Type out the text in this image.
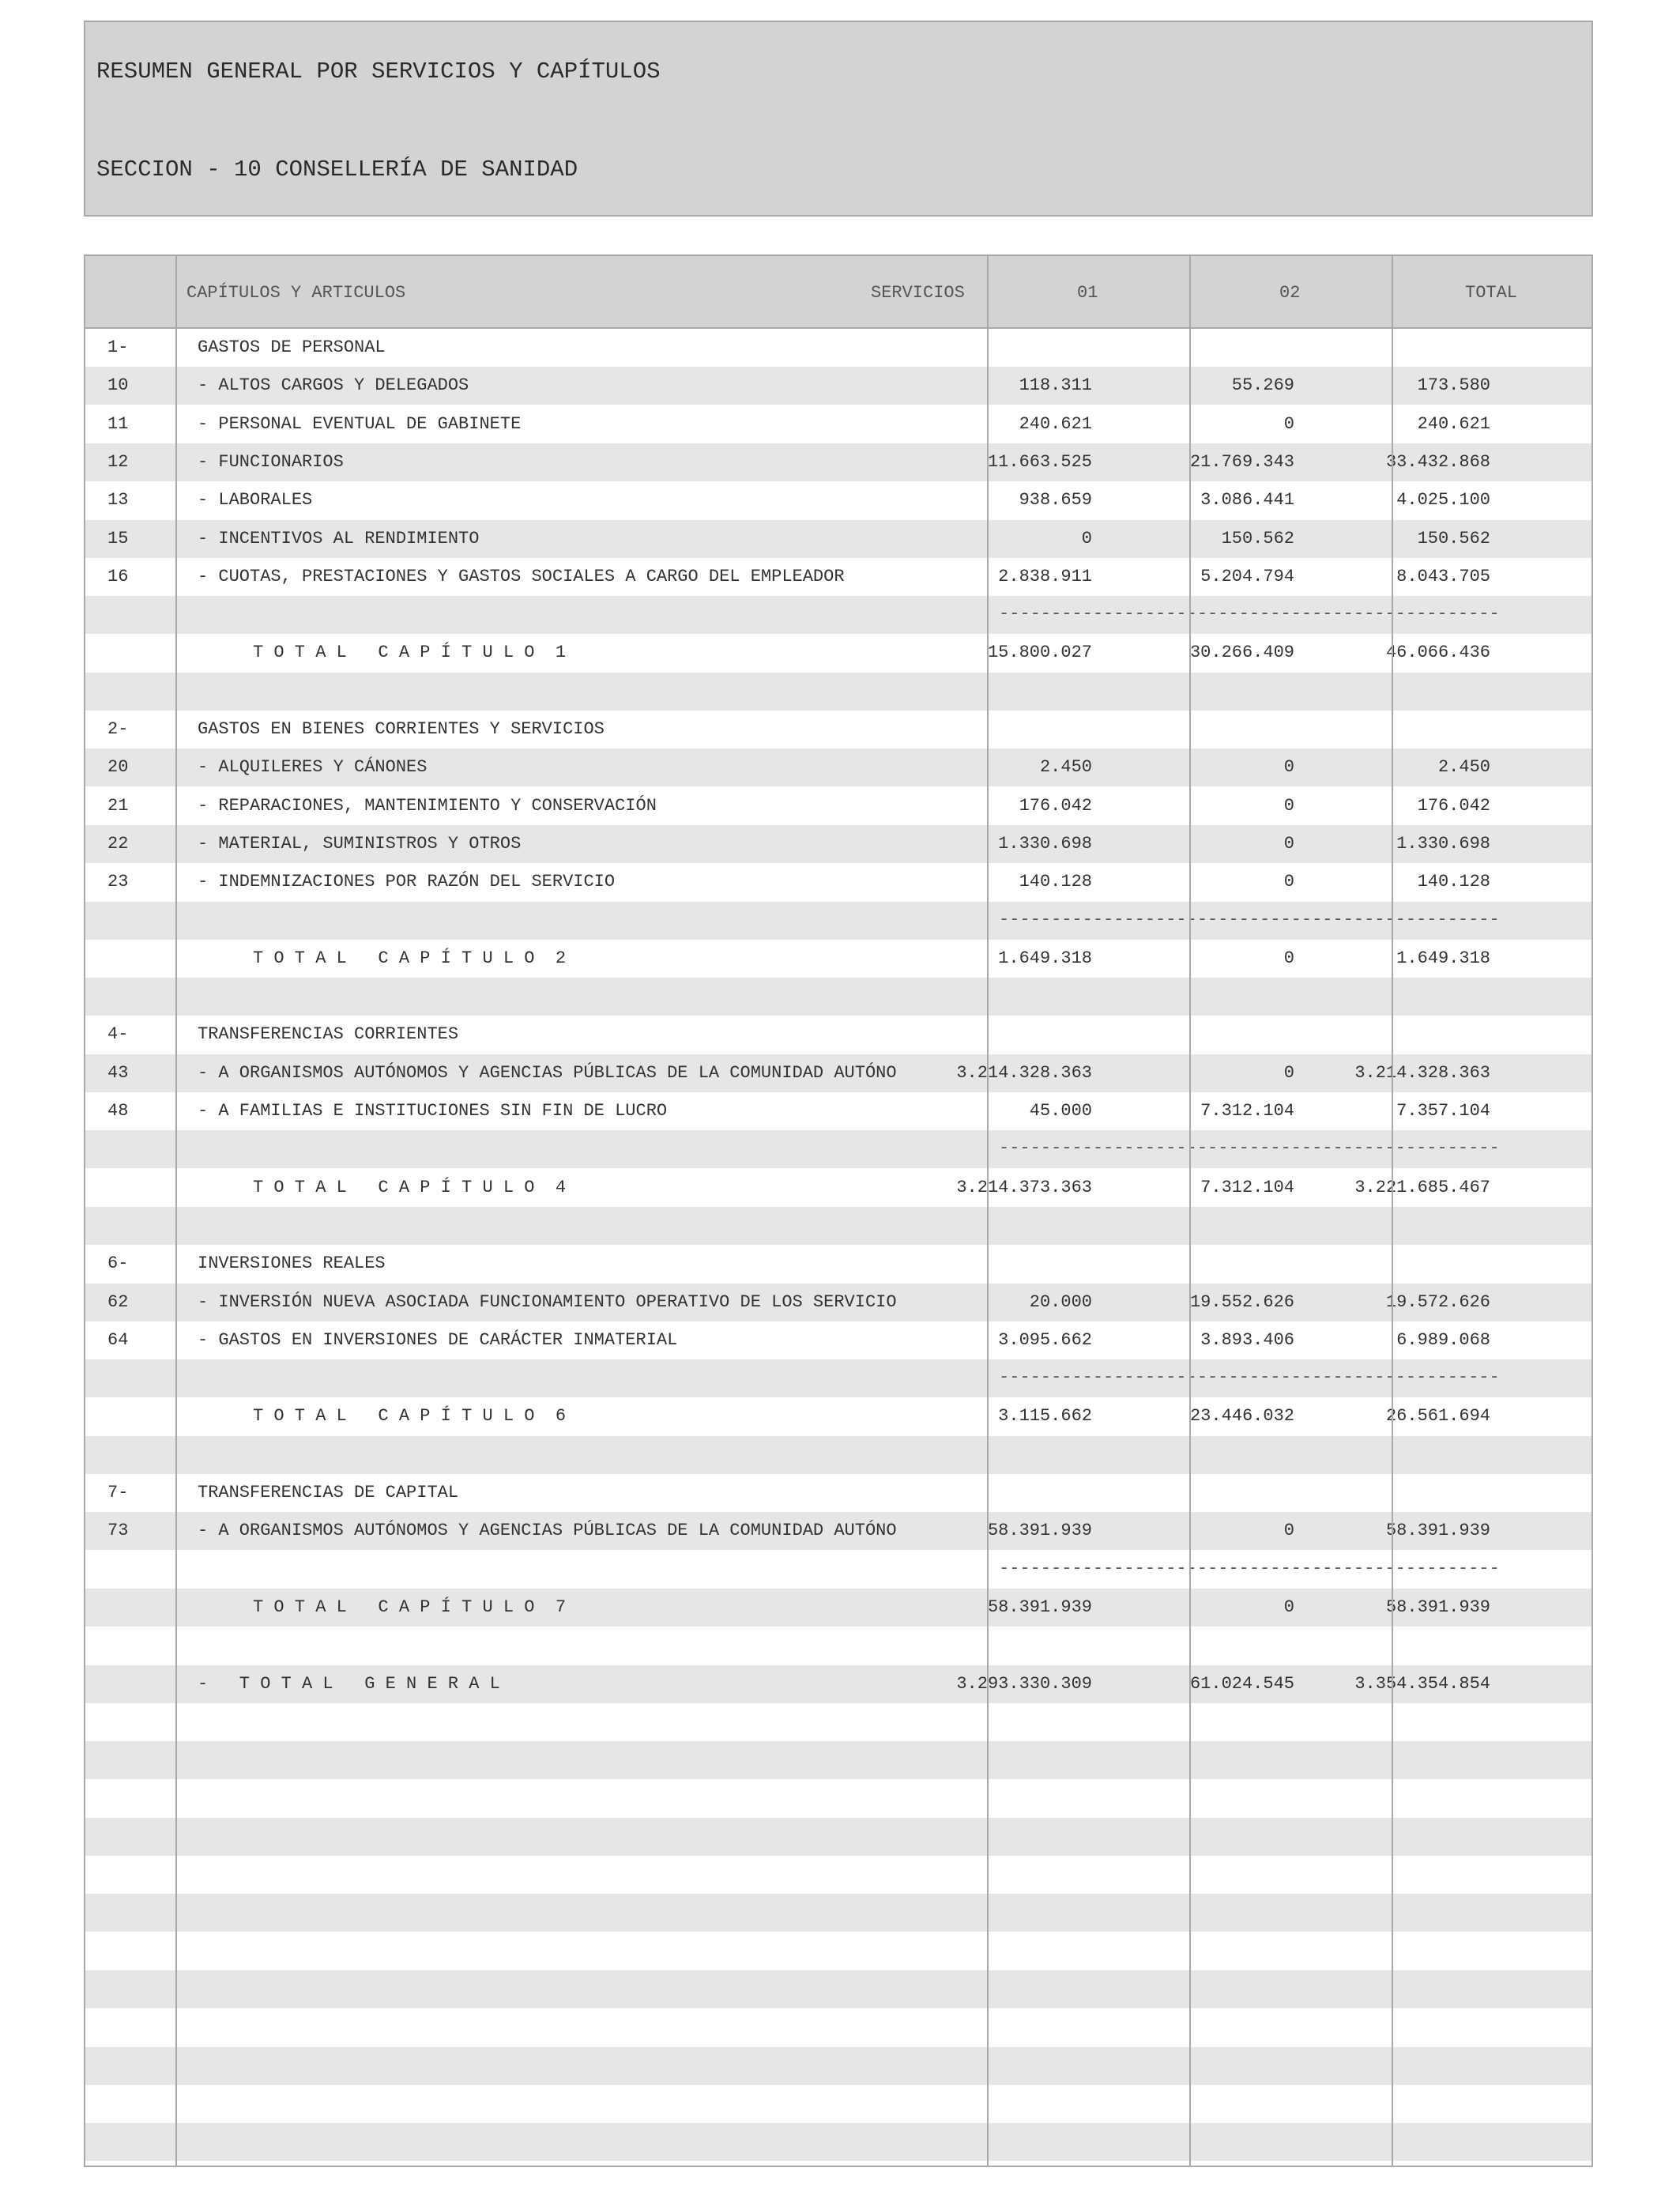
RESUMEN GENERAL POR SERVICIOS Y CAPÍTULOS
SECCION - 10 CONSELLERÍA DE SANIDAD
CAPÍTULOS Y ARTICULOS	SERVICIOS	01	02	TOTAL
1-	GASTOS DE PERSONAL
10	- ALTOS CARGOS Y DELEGADOS	118.311	55.269	173.580
11	- PERSONAL EVENTUAL DE GABINETE	240.621	0	240.621
12	- FUNCIONARIOS	11.663.525	21.769.343	33.432.868
13	- LABORALES	938.659	3.086.441	4.025.100
15	- INCENTIVOS AL RENDIMIENTO	0	150.562	150.562
16	- CUOTAS, PRESTACIONES Y GASTOS SOCIALES A CARGO DEL EMPLEADOR	2.838.911	5.204.794	8.043.705
------------------------------------------------
T O T A L   C A P Í T U L O  1	15.800.027	30.266.409	46.066.436
2-	GASTOS EN BIENES CORRIENTES Y SERVICIOS
20	- ALQUILERES Y CÁNONES	2.450	0	2.450
21	- REPARACIONES, MANTENIMIENTO Y CONSERVACIÓN	176.042	0	176.042
22	- MATERIAL, SUMINISTROS Y OTROS	1.330.698	0	1.330.698
23	- INDEMNIZACIONES POR RAZÓN DEL SERVICIO	140.128	0	140.128
------------------------------------------------
T O T A L   C A P Í T U L O  2	1.649.318	0	1.649.318
4-	TRANSFERENCIAS CORRIENTES
43	- A ORGANISMOS AUTÓNOMOS Y AGENCIAS PÚBLICAS DE LA COMUNIDAD AUTÓNO	3.214.328.363	0	3.214.328.363
48	- A FAMILIAS E INSTITUCIONES SIN FIN DE LUCRO	45.000	7.312.104	7.357.104
------------------------------------------------
T O T A L   C A P Í T U L O  4	3.214.373.363	7.312.104	3.221.685.467
6-	INVERSIONES REALES
62	- INVERSIÓN NUEVA ASOCIADA FUNCIONAMIENTO OPERATIVO DE LOS SERVICIO	20.000	19.552.626	19.572.626
64	- GASTOS EN INVERSIONES DE CARÁCTER INMATERIAL	3.095.662	3.893.406	6.989.068
------------------------------------------------
T O T A L   C A P Í T U L O  6	3.115.662	23.446.032	26.561.694
7-	TRANSFERENCIAS DE CAPITAL
73	- A ORGANISMOS AUTÓNOMOS Y AGENCIAS PÚBLICAS DE LA COMUNIDAD AUTÓNO	58.391.939	0	58.391.939
------------------------------------------------
T O T A L   C A P Í T U L O  7	58.391.939	0	58.391.939
-   T O T A L   G E N E R A L	3.293.330.309	61.024.545	3.354.354.854
